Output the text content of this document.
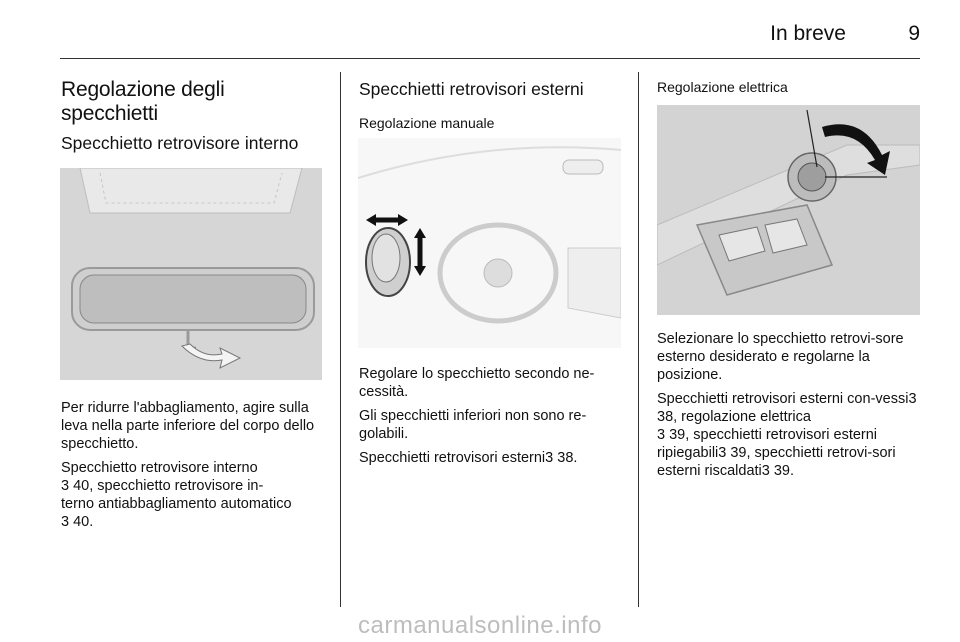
In breve	9
Regolazione degli specchietti
Specchietto retrovisore interno

Per ridurre l'abbagliamento, agire sulla leva nella parte inferiore del corpo dello specchietto.

Specchietto retrovisore interno
3 40, specchietto retrovisore in-
terno antiabbagliamento automatico
3 40.

Specchietti retrovisori esterni
Regolazione manuale

Regolare lo specchietto secondo ne-cessità.

Gli specchietti inferiori non sono re-golabili.

Specchietti retrovisori esterni3 38.

Regolazione elettrica

Selezionare lo specchietto retrovi-sore esterno desiderato e regolarne la posizione.

Specchietti retrovisori esterni con-vessi3 38, regolazione elettrica
3 39, specchietti retrovisori esterni ripiegabili3 39, specchietti retrovi-sori esterni riscaldati3 39.

carmanualsonline.info
